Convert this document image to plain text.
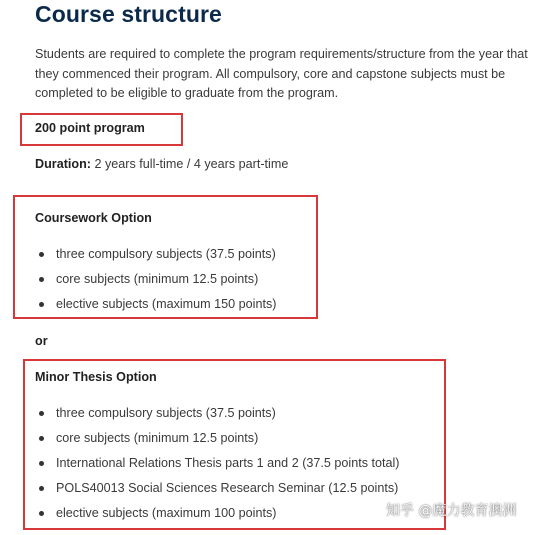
Course structure

Students are required to complete the program requirements/structure from the year that they commenced their program. All compulsory, core and capstone subjects must be completed to be eligible to graduate from the program.

200 point program

Duration: 2 years full-time / 4 years part-time

Coursework Option

three compulsory subjects (37.5 points)
core subjects (minimum 12.5 points)
elective subjects (maximum 150 points)

or

Minor Thesis Option

three compulsory subjects (37.5 points)
core subjects (minimum 12.5 points)
International Relations Thesis parts 1 and 2 (37.5 points total)
POLS40013 Social Sciences Research Seminar (12.5 points)
elective subjects (maximum 100 points)	知乎 @魔力教育澳洲
